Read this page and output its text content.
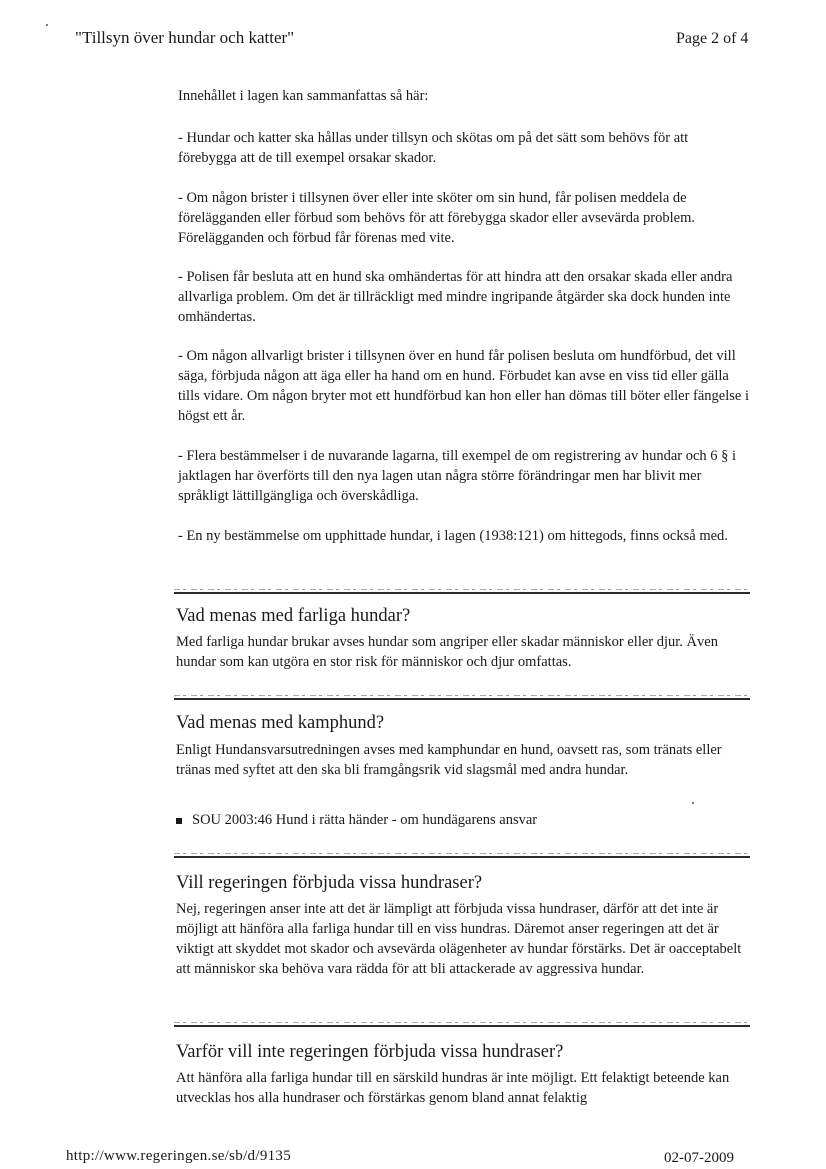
"Tillsyn över hundar och katter"	Page 2 of 4
Innehållet i lagen kan sammanfattas så här:
- Hundar och katter ska hållas under tillsyn och skötas om på det sätt som behövs för att förebygga att de till exempel orsakar skador.
- Om någon brister i tillsynen över eller inte sköter om sin hund, får polisen meddela de förelägganden eller förbud som behövs för att förebygga skador eller avsevärda problem. Förelägganden och förbud får förenas med vite.
- Polisen får besluta att en hund ska omhändertas för att hindra att den orsakar skada eller andra allvarliga problem. Om det är tillräckligt med mindre ingripande åtgärder ska dock hunden inte omhändertas.
- Om någon allvarligt brister i tillsynen över en hund får polisen besluta om hundförbud, det vill säga, förbjuda någon att äga eller ha hand om en hund. Förbudet kan avse en viss tid eller gälla tills vidare. Om någon bryter mot ett hundförbud kan hon eller han dömas till böter eller fängelse i högst ett år.
- Flera bestämmelser i de nuvarande lagarna, till exempel de om registrering av hundar och 6 § i jaktlagen har överförts till den nya lagen utan några större förändringar men har blivit mer språkligt lättillgängliga och överskådliga.
- En ny bestämmelse om upphittade hundar, i lagen (1938:121) om hittegods, finns också med.
Vad menas med farliga hundar?
Med farliga hundar brukar avses hundar som angriper eller skadar människor eller djur. Även hundar som kan utgöra en stor risk för människor och djur omfattas.
Vad menas med kamphund?
Enligt Hundansvarsutredningen avses med kamphundar en hund, oavsett ras, som tränats eller tränas med syftet att den ska bli framgångsrik vid slagsmål med andra hundar.
SOU 2003:46 Hund i rätta händer - om hundägarens ansvar
Vill regeringen förbjuda vissa hundraser?
Nej, regeringen anser inte att det är lämpligt att förbjuda vissa hundraser, därför att det inte är möjligt att hänföra alla farliga hundar till en viss hundras. Däremot anser regeringen att det är viktigt att skyddet mot skador och avsevärda olägenheter av hundar förstärks. Det är oacceptabelt att människor ska behöva vara rädda för att bli attackerade av aggressiva hundar.
Varför vill inte regeringen förbjuda vissa hundraser?
Att hänföra alla farliga hundar till en särskild hundras är inte möjligt. Ett felaktigt beteende kan utvecklas hos alla hundraser och förstärkas genom bland annat felaktig
http://www.regeringen.se/sb/d/9135	02-07-2009
